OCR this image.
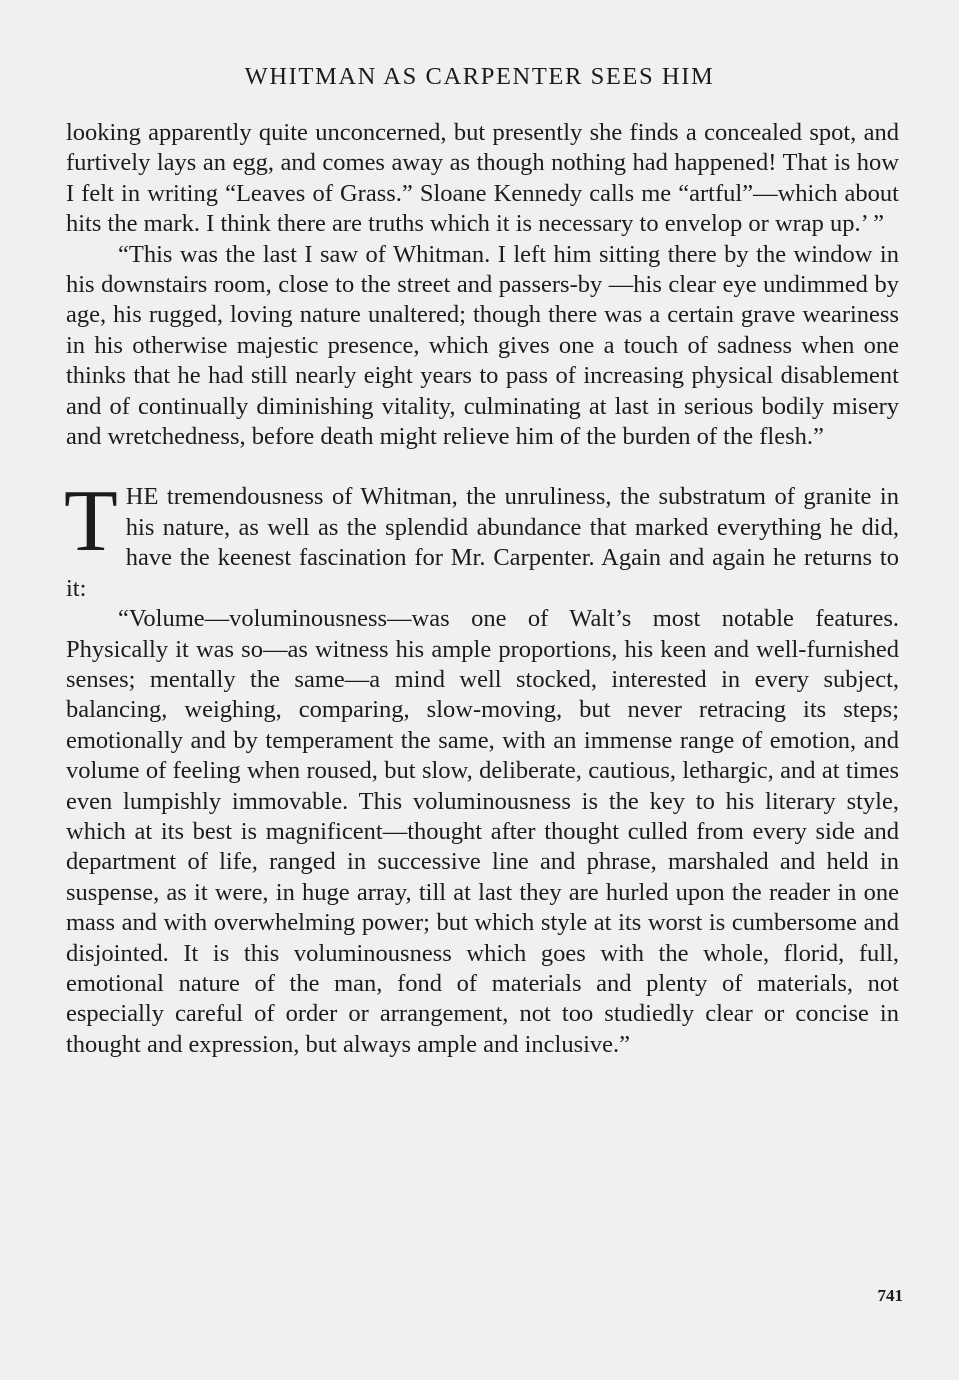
WHITMAN AS CARPENTER SEES HIM

looking apparently quite unconcerned, but presently she finds a concealed spot, and furtively lays an egg, and comes away as though nothing had happened! That is how I felt in writing “Leaves of Grass.” Sloane Kennedy calls me “artful”—which about hits the mark. I think there are truths which it is necessary to envelop or wrap up.’ ”

“This was the last I saw of Whitman. I left him sitting there by the window in his downstairs room, close to the street and passers-by —his clear eye undimmed by age, his rugged, loving nature unaltered; though there was a certain grave weariness in his otherwise majestic presence, which gives one a touch of sadness when one thinks that he had still nearly eight years to pass of increasing physical disablement and of continually diminishing vitality, culminating at last in serious bodily misery and wretchedness, before death might relieve him of the burden of the flesh.”

THE tremendousness of Whitman, the unruliness, the substratum of granite in his nature, as well as the splendid abundance that marked everything he did, have the keenest fascination for Mr. Carpenter. Again and again he returns to it:

“Volume—voluminousness—was one of Walt’s most notable features. Physically it was so—as witness his ample proportions, his keen and well-furnished senses; mentally the same—a mind well stocked, interested in every subject, balancing, weighing, comparing, slow-moving, but never retracing its steps; emotionally and by temperament the same, with an immense range of emotion, and volume of feeling when roused, but slow, deliberate, cautious, lethargic, and at times even lumpishly immovable. This voluminousness is the key to his literary style, which at its best is magnificent—thought after thought culled from every side and department of life, ranged in successive line and phrase, marshaled and held in suspense, as it were, in huge array, till at last they are hurled upon the reader in one mass and with overwhelming power; but which style at its worst is cumbersome and disjointed. It is this voluminousness which goes with the whole, florid, full, emotional nature of the man, fond of materials and plenty of materials, not especially careful of order or arrangement, not too studiedly clear or concise in thought and expression, but always ample and inclusive.”

741
